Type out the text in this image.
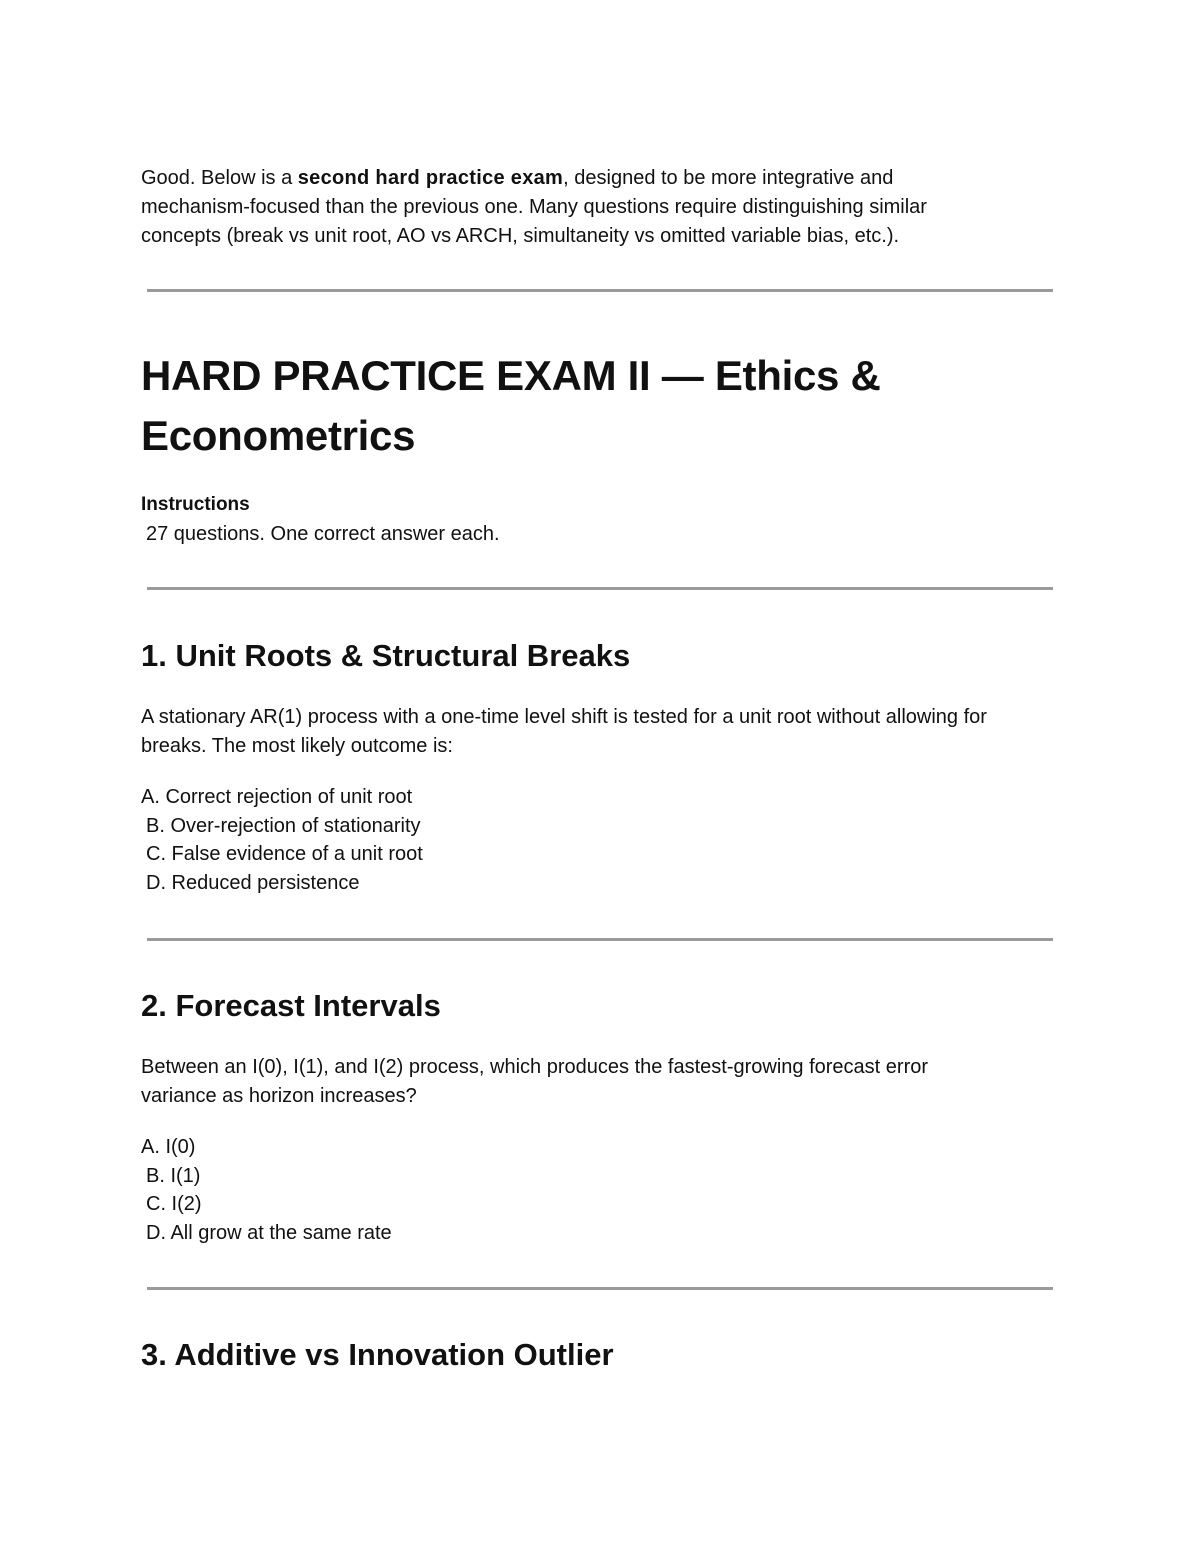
Good. Below is a second hard practice exam, designed to be more integrative and
mechanism-focused than the previous one. Many questions require distinguishing similar
concepts (break vs unit root, AO vs ARCH, simultaneity vs omitted variable bias, etc.).

HARD PRACTICE EXAM II — Ethics &
Econometrics

Instructions

27 questions. One correct answer each.

1. Unit Roots & Structural Breaks

A stationary AR(1) process with a one-time level shift is tested for a unit root without allowing for
breaks. The most likely outcome is:

A. Correct rejection of unit root
B. Over-rejection of stationarity
C. False evidence of a unit root
D. Reduced persistence
2. Forecast Intervals

Between an I(0), I(1), and I(2) process, which produces the fastest-growing forecast error
variance as horizon increases?

A. I(0)
B. I(1)
C. I(2)
D. All grow at the same rate
3. Additive vs Innovation Outlier
